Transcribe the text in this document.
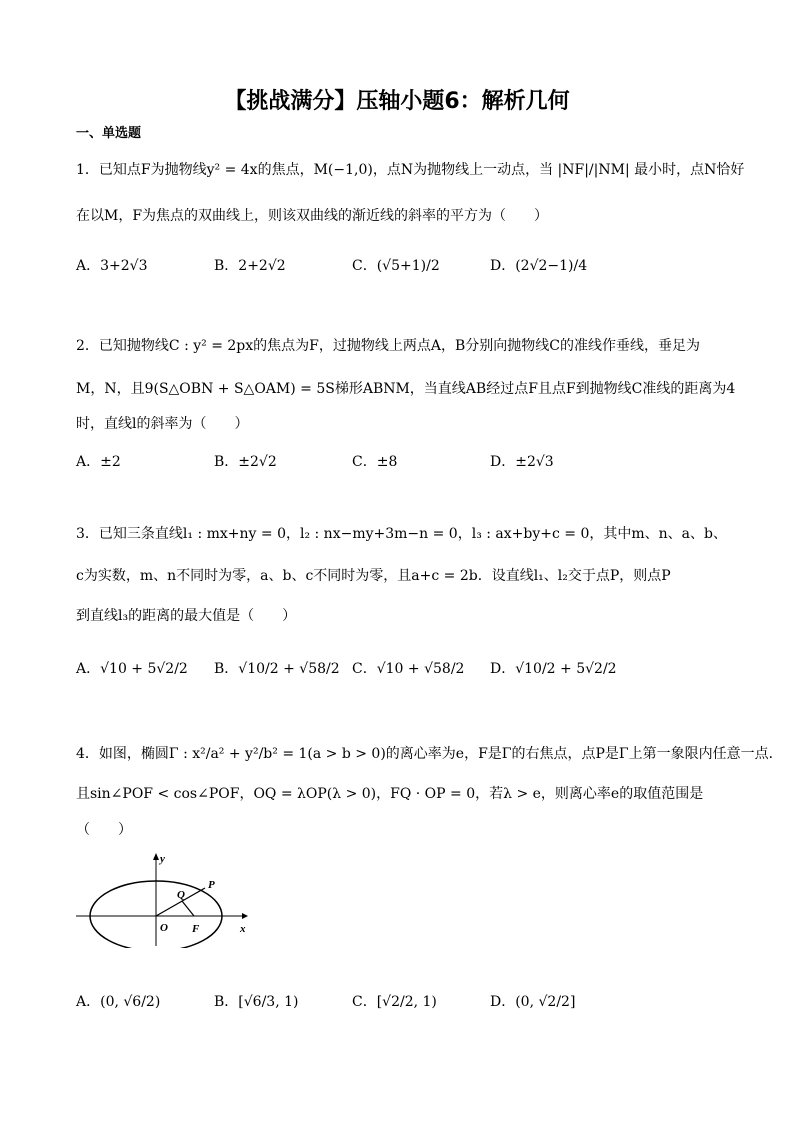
【挑战满分】压轴小题6：解析几何
一、单选题
1．已知点F为抛物线y² = 4x的焦点，M(−1,0)，点N为抛物线上一动点，当 |NF|/|NM| 最小时，点N恰好
在以M，F为焦点的双曲线上，则该双曲线的渐近线的斜率的平方为（　　）
A．3+2√3	B．2+2√2	C．(√5+1)/2	D．(2√2−1)/4
2．已知抛物线C : y² = 2px的焦点为F，过抛物线上两点A，B分别向抛物线C的准线作垂线，垂足为
M，N，且9(S△OBN + S△OAM) = 5S梯形ABNM，当直线AB经过点F且点F到抛物线C准线的距离为4
时，直线l的斜率为（　　）
A．±2	B．±2√2	C．±8	D．±2√3
3．已知三条直线l₁ : mx+ny = 0，l₂ : nx−my+3m−n = 0，l₃ : ax+by+c = 0，其中m、n、a、b、
c为实数，m、n不同时为零，a、b、c不同时为零，且a+c = 2b．设直线l₁、l₂交于点P，则点P
到直线l₃的距离的最大值是（　　）
A．√10 + 5√2/2 B．√10/2 + √58/2 C．√10 + √58/2 D．√10/2 + 5√2/2
4．如图，椭圆Γ : x²/a² + y²/b² = 1(a > b > 0)的离心率为e，F是Γ的右焦点，点P是Γ上第一象限内任意一点．
且sin∠POF < cos∠POF，OQ = λOP(λ > 0)，FQ · OP = 0，若λ > e，则离心率e的取值范围是
（　　）
y
x
O F
P
Q
A．(0, √6/2)	B．[√6/3, 1)	C．[√2/2, 1)	D．(0, √2/2]
